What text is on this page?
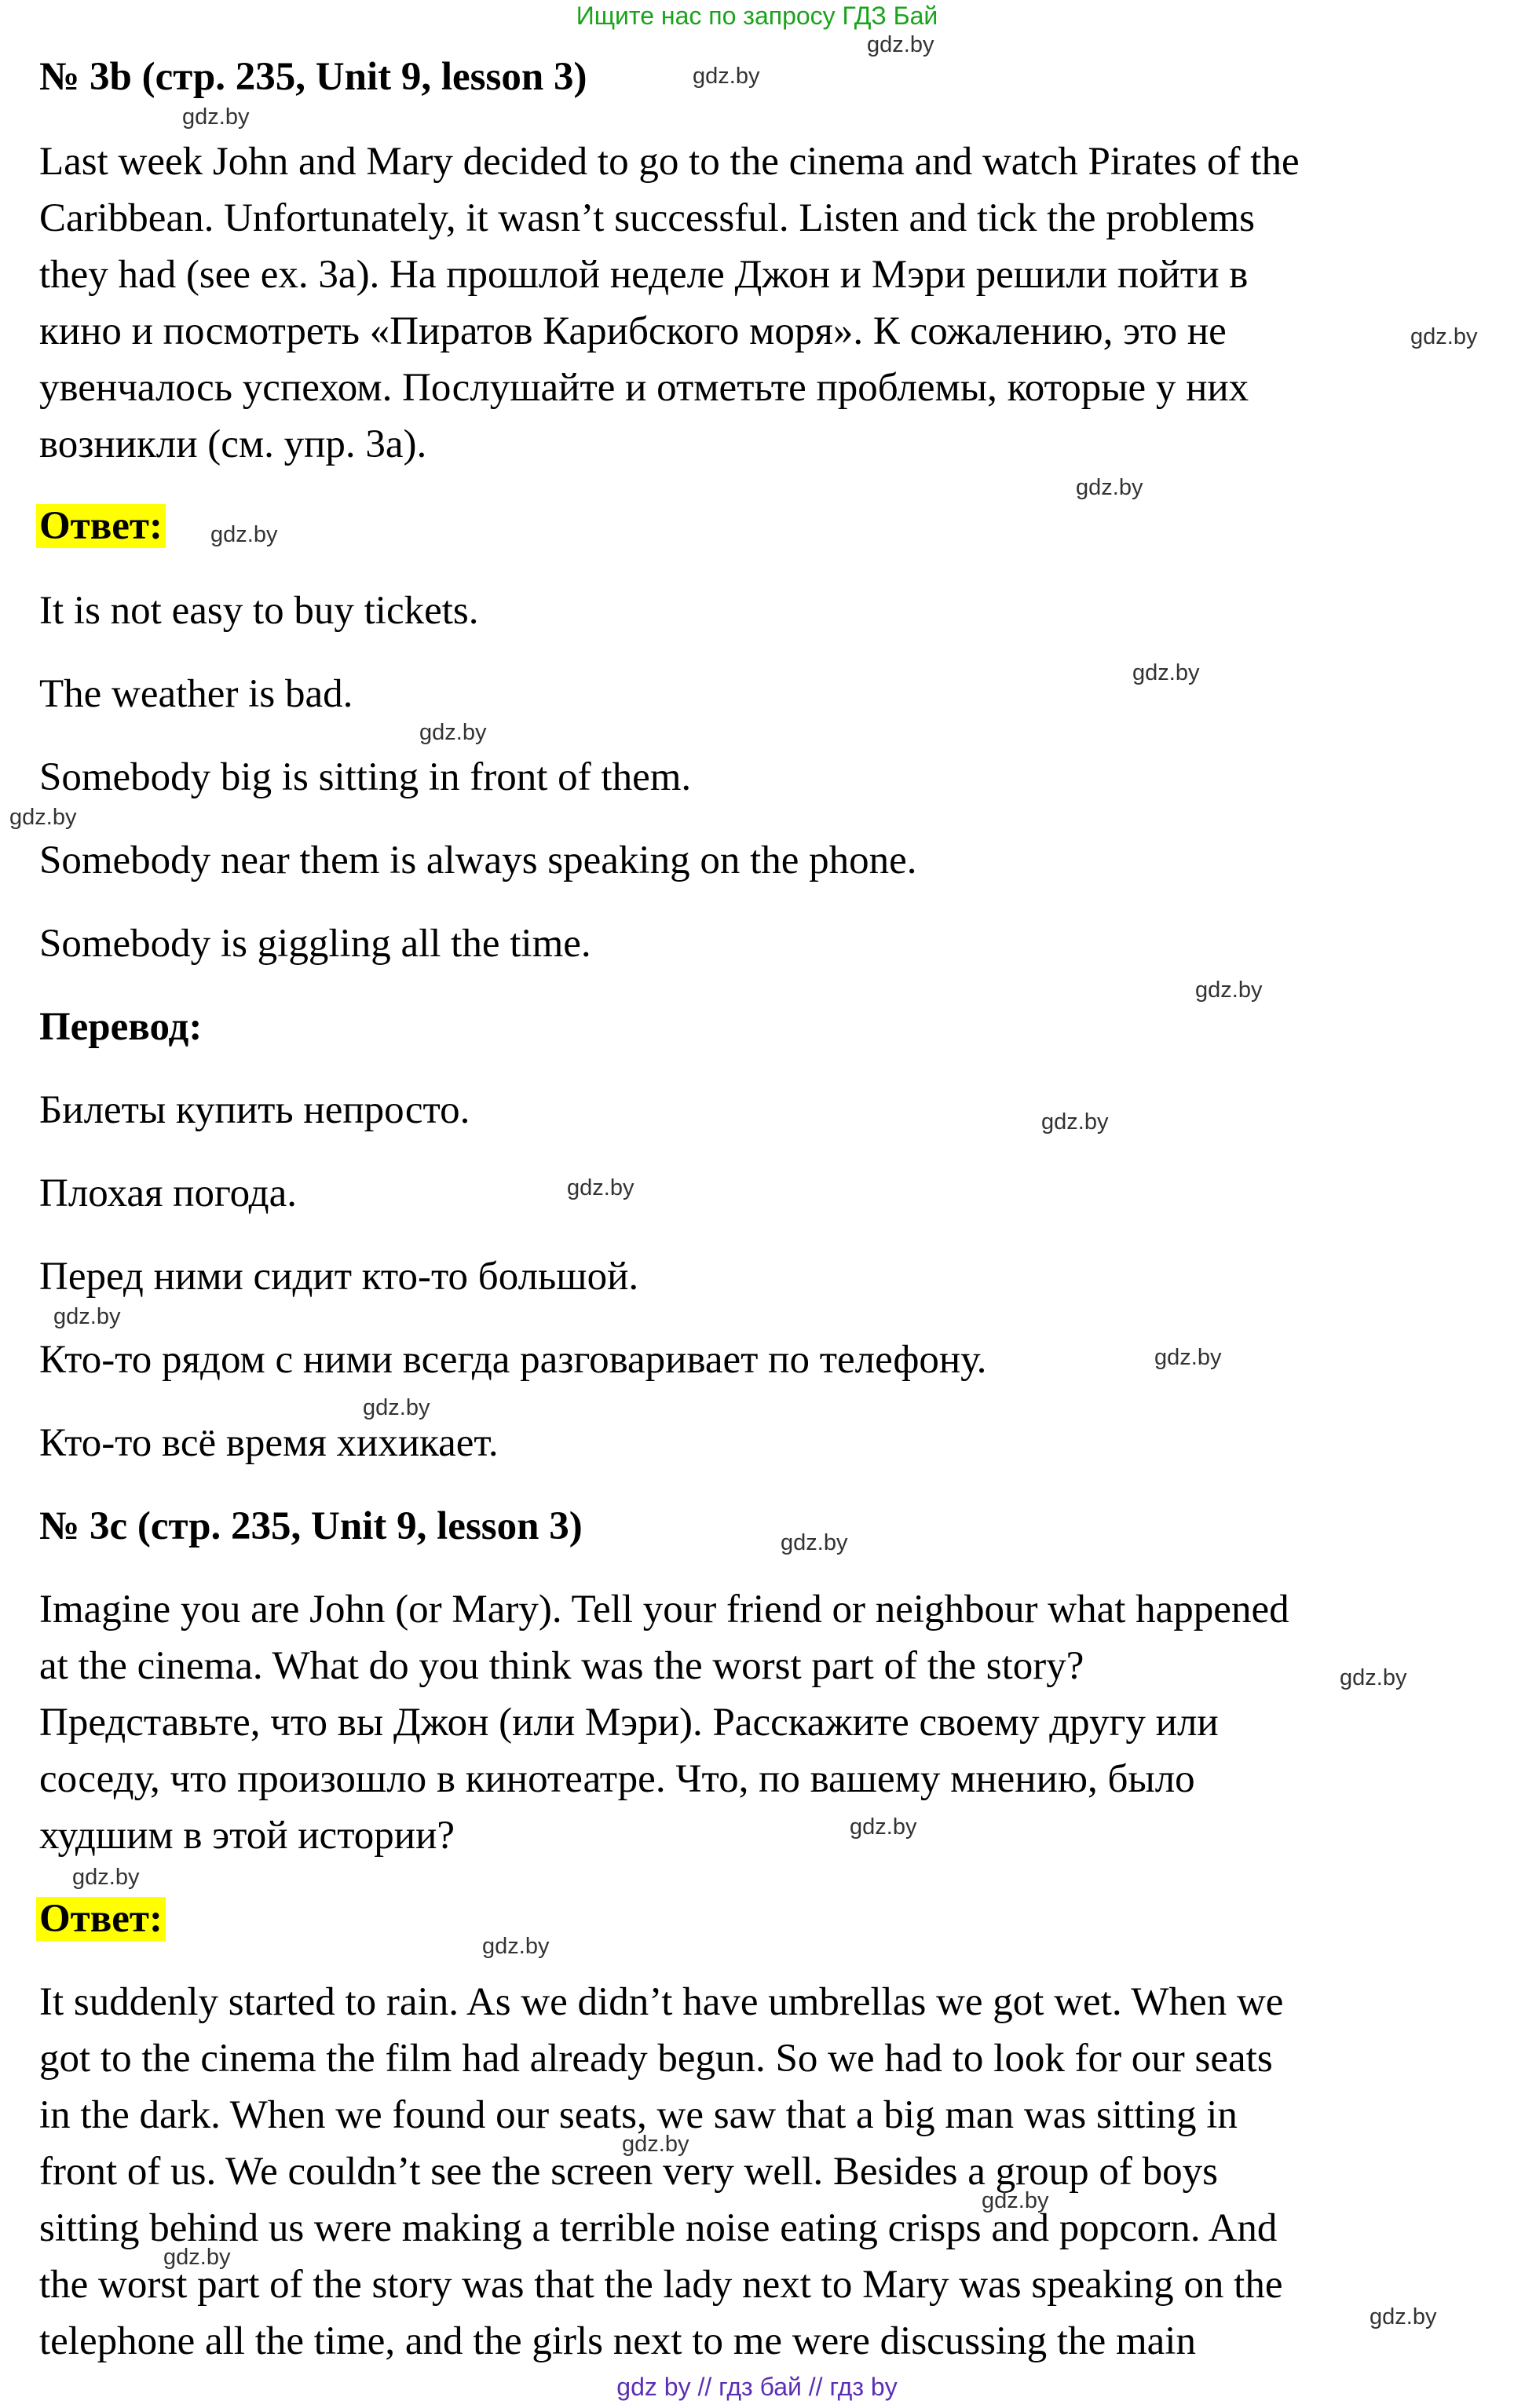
Ищите нас по запросу ГДЗ Бай
№ 3b (стр. 235, Unit 9, lesson 3)
Last week John and Mary decided to go to the cinema and watch Pirates of the
Caribbean. Unfortunately, it wasn’t successful. Listen and tick the problems
they had (see ex. 3a). На прошлой неделе Джон и Мэри решили пойти в
кино и посмотреть «Пиратов Карибского моря». К сожалению, это не
увенчалось успехом. Послушайте и отметьте проблемы, которые у них
возникли (см. упр. 3а).
Ответ:
It is not easy to buy tickets.
The weather is bad.
Somebody big is sitting in front of them.
Somebody near them is always speaking on the phone.
Somebody is giggling all the time.
Перевод:
Билеты купить непросто.
Плохая погода.
Перед ними сидит кто-то большой.
Кто-то рядом с ними всегда разговаривает по телефону.
Кто-то всё время хихикает.
№ 3c (стр. 235, Unit 9, lesson 3)
Imagine you are John (or Mary). Tell your friend or neighbour what happened
at the cinema. What do you think was the worst part of the story?
Представьте, что вы Джон (или Мэри). Расскажите своему другу или
соседу, что произошло в кинотеатре. Что, по вашему мнению, было
худшим в этой истории?
Ответ:
It suddenly started to rain. As we didn’t have umbrellas we got wet. When we
got to the cinema the film had already begun. So we had to look for our seats
in the dark. When we found our seats, we saw that a big man was sitting in
front of us. We couldn’t see the screen very well. Besides a group of boys
sitting behind us were making a terrible noise eating crisps and popcorn. And
the worst part of the story was that the lady next to Mary was speaking on the
telephone all the time, and the girls next to me were discussing the main
gdz.by
gdz.by
gdz.by
gdz.by
gdz.by
gdz.by
gdz.by
gdz.by
gdz.by
gdz.by
gdz.by
gdz.by
gdz.by
gdz.by
gdz.by
gdz.by
gdz.by
gdz.by
gdz.by
gdz.by
gdz.by
gdz.by
gdz.by
gdz.by
gdz by // гдз бай // гдз by
